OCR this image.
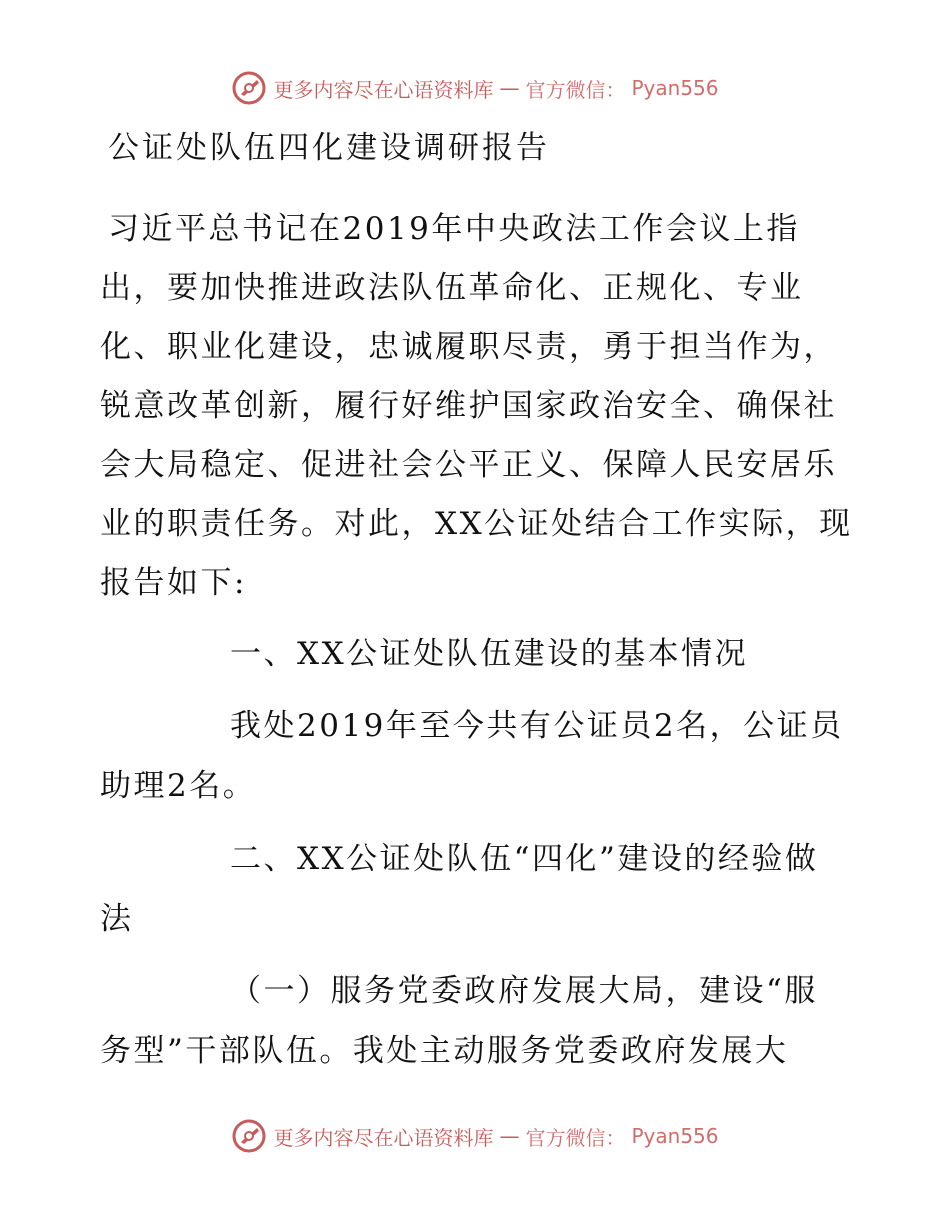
更多内容尽在心语资料库 — 官方微信： Pyan556
公证处队伍四化建设调研报告
习近平总书记在2019年中央政法工作会议上指
出，要加快推进政法队伍革命化、正规化、专业
化、职业化建设，忠诚履职尽责，勇于担当作为，
锐意改革创新，履行好维护国家政治安全、确保社
会大局稳定、促进社会公平正义、保障人民安居乐
业的职责任务。对此，XX公证处结合工作实际，现
报告如下:
一、XX公证处队伍建设的基本情况
我处2019年至今共有公证员2名，公证员
助理2名。
二、XX公证处队伍“四化”建设的经验做
法
（一）服务党委政府发展大局，建设“服
务型”干部队伍。我处主动服务党委政府发展大
更多内容尽在心语资料库 — 官方微信： Pyan556
